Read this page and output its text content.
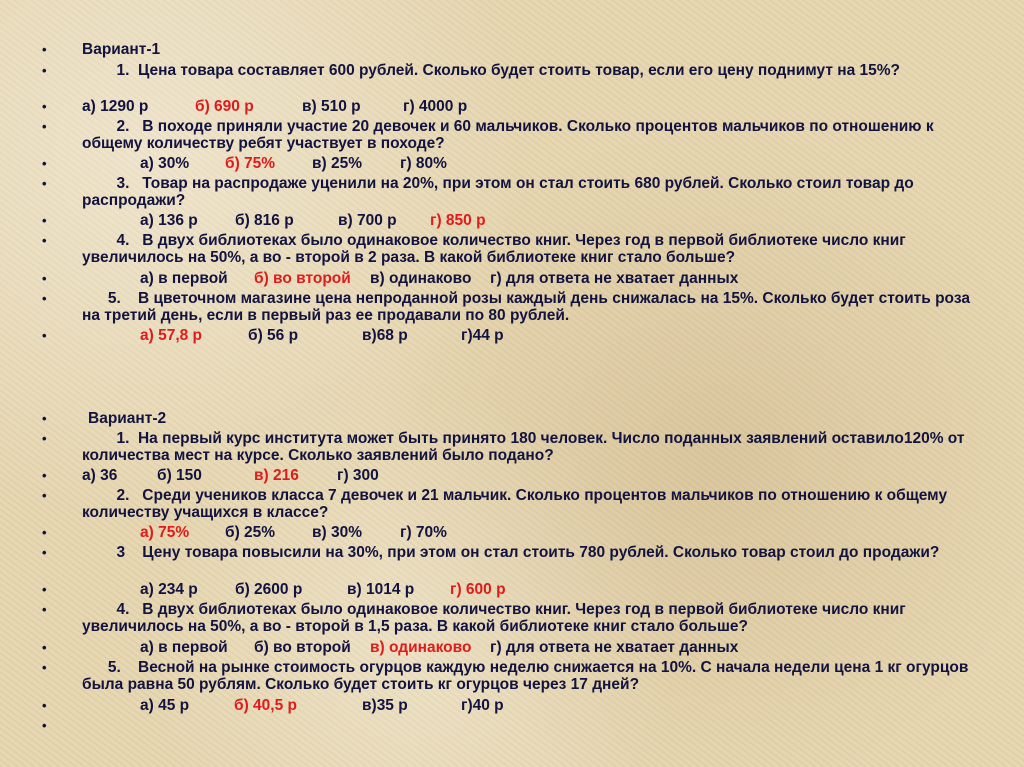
• Вариант-1
• 1.  Цена товара составляет 600 рублей. Сколько будет стоить товар, если его цену поднимут на 15%?
• а) 1290 р	б) 690 р	в) 510 р	г) 4000 р
• 2.   В походе приняли участие 20 девочек и 60 мальчиков. Сколько процентов мальчиков по отношению к общему количеству ребят участвует в походе?
•	а) 30% б) 75% в) 25% г) 80%
• 3.   Товар на распродаже уценили на 20%, при этом он стал стоить 680 рублей. Сколько стоил товар до распродажи?
•	а) 136 р б) 816 р	в) 700 р г) 850 р
• 4.   В двух библиотеках было одинаковое количество книг. Через год в первой библиотеке число книг увеличилось на 50%, а во - второй в 2 раза. В какой библиотеке книг стало больше?
•	а) в первой б) во второй в) одинаково г) для ответа не хватает данных
• 5.    В цветочном магазине цена непроданной розы каждый день снижалась на 15%. Сколько будет стоить роза на третий день, если в первый раз ее продавали по 80 рублей.
•	а) 57,8 р	б) 56 р	в)68 р	г)44 р
•	Вариант-2
• 1.  На первый курс института может быть принято 180 человек. Число поданных заявлений оставило120% от количества мест на курсе. Сколько заявлений было подано?
• а) 36	б) 150	в) 216 г) 300
• 2.   Среди учеников класса 7 девочек и 21 мальчик. Сколько процентов мальчиков по отношению к общему количеству учащихся в классе?
•	а) 75% б) 25% в) 30% г) 70%
• 3    Цену товара повысили на 30%, при этом он стал стоить 780 рублей. Сколько товар стоил до продажи?
•	а) 234 р б) 2600 р	в) 1014 р г) 600 р
• 4.   В двух библиотеках было одинаковое количество книг. Через год в первой библиотеке число книг увеличилось на 50%, а во - второй в 1,5 раза. В какой библиотеке книг стало больше?
•	а) в первой б) во второй в) одинаково г) для ответа не хватает данных
• 5.    Весной на рынке стоимость огурцов каждую неделю снижается на 10%. С начала недели цена 1 кг огурцов была равна 50 рублям. Сколько будет стоить кг огурцов через 17 дней?
•	а) 45 р	б) 40,5 р	в)35 р	г)40 р
•
